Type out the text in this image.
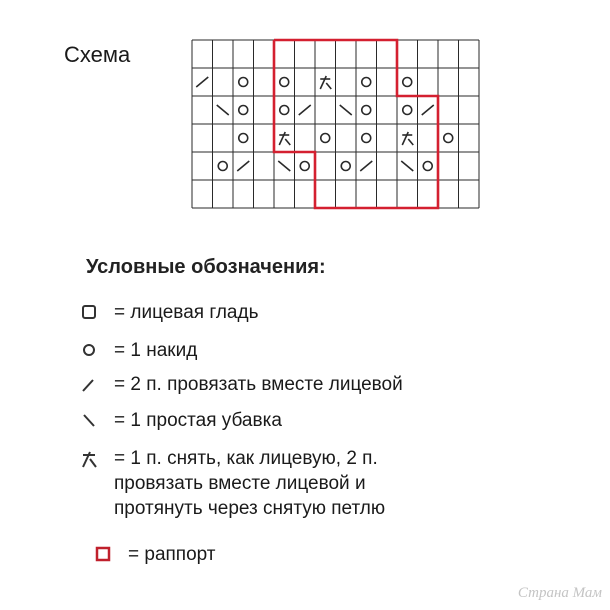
Схема
Условные обозначения:
= лицевая гладь
= 1 накид
= 2 п. провязать вместе лицевой
= 1 простая убавка
= 1 п. снять, как лицевую, 2 п.
провязать вместе лицевой и
протянуть через снятую петлю
= раппорт
Страна Мам
